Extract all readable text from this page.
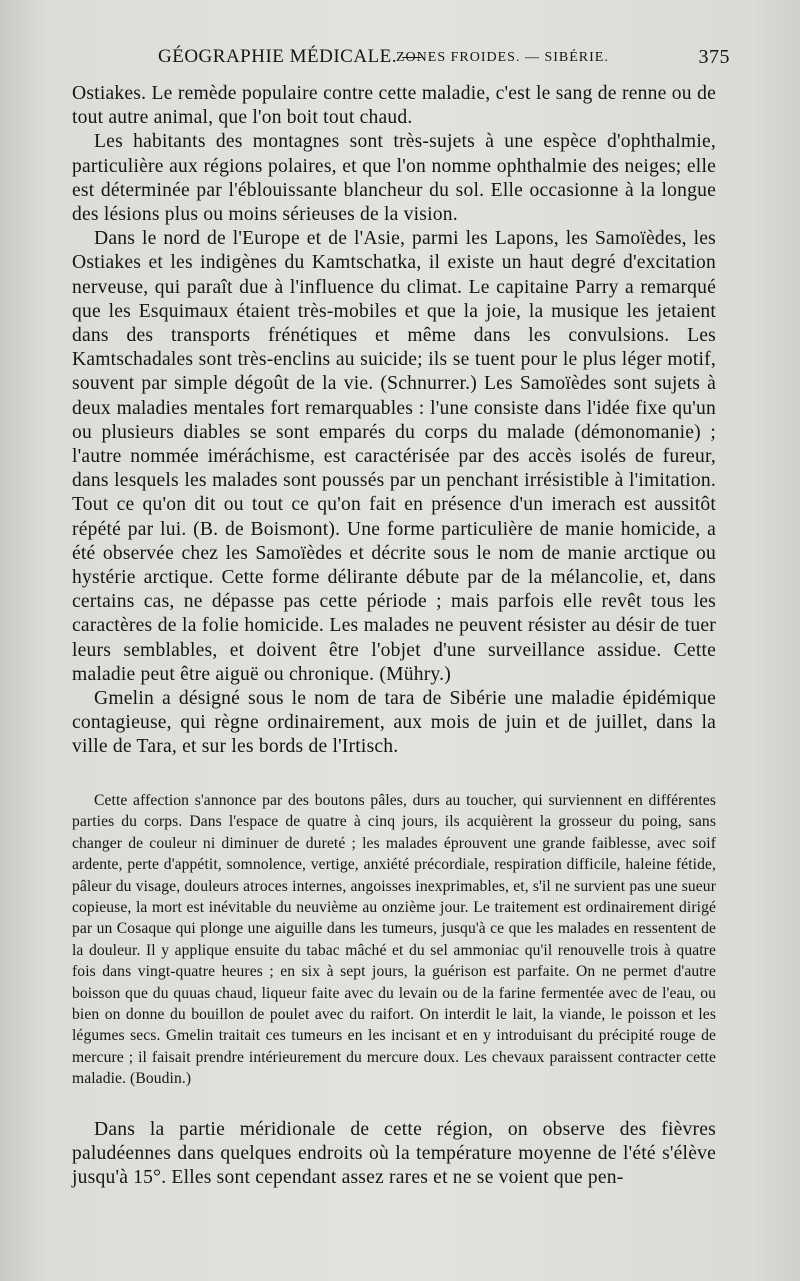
GÉOGRAPHIE MÉDICALE. —
ZONES FROIDES. — SIBÉRIE.	375

Ostiakes. Le remède populaire contre cette maladie, c'est le sang de renne ou de tout autre animal, que l'on boit tout chaud.

Les habitants des montagnes sont très-sujets à une espèce d'ophthalmie, particulière aux régions polaires, et que l'on nomme ophthalmie des neiges; elle est déterminée par l'éblouissante blancheur du sol. Elle occasionne à la longue des lésions plus ou moins sérieuses de la vision.

Dans le nord de l'Europe et de l'Asie, parmi les Lapons, les Samoïèdes, les Ostiakes et les indigènes du Kamtschatka, il existe un haut degré d'excitation nerveuse, qui paraît due à l'influence du climat. Le capitaine Parry a remarqué que les Esquimaux étaient très-mobiles et que la joie, la musique les jetaient dans des transports frénétiques et même dans les convulsions. Les Kamtschadales sont très-enclins au suicide; ils se tuent pour le plus léger motif, souvent par simple dégoût de la vie. (Schnurrer.) Les Samoïèdes sont sujets à deux maladies mentales fort remarquables : l'une consiste dans l'idée fixe qu'un ou plusieurs diables se sont emparés du corps du malade (démonomanie) ; l'autre nommée iméráchisme, est caractérisée par des accès isolés de fureur, dans lesquels les malades sont poussés par un penchant irrésistible à l'imitation. Tout ce qu'on dit ou tout ce qu'on fait en présence d'un imerach est aussitôt répété par lui. (B. de Boismont). Une forme particulière de manie homicide, a été observée chez les Samoïèdes et décrite sous le nom de manie arctique ou hystérie arctique. Cette forme délirante débute par de la mélancolie, et, dans certains cas, ne dépasse pas cette période ; mais parfois elle revêt tous les caractères de la folie homicide. Les malades ne peuvent résister au désir de tuer leurs semblables, et doivent être l'objet d'une surveillance assidue. Cette maladie peut être aiguë ou chronique. (Mühry.)

Gmelin a désigné sous le nom de tara de Sibérie une maladie épidémique contagieuse, qui règne ordinairement, aux mois de juin et de juillet, dans la ville de Tara, et sur les bords de l'Irtisch.

Cette affection s'annonce par des boutons pâles, durs au toucher, qui surviennent en différentes parties du corps. Dans l'espace de quatre à cinq jours, ils acquièrent la grosseur du poing, sans changer de couleur ni diminuer de dureté ; les malades éprouvent une grande faiblesse, avec soif ardente, perte d'appétit, somnolence, vertige, anxiété précordiale, respiration difficile, haleine fétide, pâleur du visage, douleurs atroces internes, angoisses inexprimables, et, s'il ne survient pas une sueur copieuse, la mort est inévitable du neuvième au onzième jour. Le traitement est ordinairement dirigé par un Cosaque qui plonge une aiguille dans les tumeurs, jusqu'à ce que les malades en ressentent de la douleur. Il y applique ensuite du tabac mâché et du sel ammoniac qu'il renouvelle trois à quatre fois dans vingt-quatre heures ; en six à sept jours, la guérison est parfaite. On ne permet d'autre boisson que du quuas chaud, liqueur faite avec du levain ou de la farine fermentée avec de l'eau, ou bien on donne du bouillon de poulet avec du raifort. On interdit le lait, la viande, le poisson et les légumes secs. Gmelin traitait ces tumeurs en les incisant et en y introduisant du précipité rouge de mercure ; il faisait prendre intérieurement du mercure doux. Les chevaux paraissent contracter cette maladie. (Boudin.)
Dans la partie méridionale de cette région, on observe des fièvres paludéennes dans quelques endroits où la température moyenne de l'été s'élève jusqu'à 15°. Elles sont cependant assez rares et ne se voient que pen-
